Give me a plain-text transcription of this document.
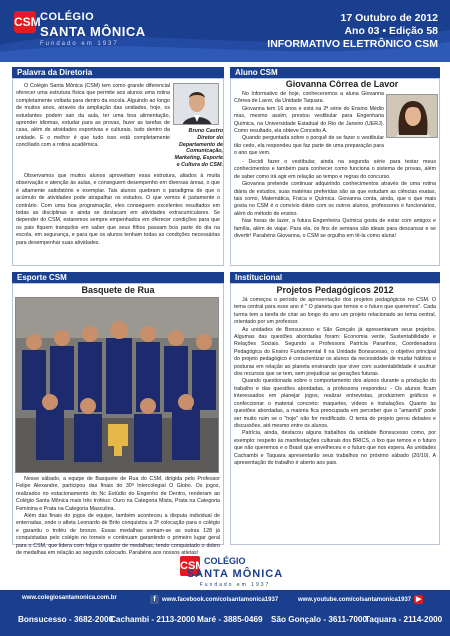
CSM COLÉGIO
SANTA MÔNICA
Fundado em 1937
17 Outubro de 2012
Ano 03 • Edição 58
INFORMATIVO ELETRÔNICO CSM
Palavra da Diretoria

O Colégio Santa Mônica (CSM) tem como grande diferencial oferecer uma estrutura física que permite aos alunos uma rotina completamente voltada para dentro da escola. Alguindo ao longo de muitos anos, através da ampliação das unidades, hoje, os estudantes podem sair da aula, ter uma boa alimentação, aprender idiomas, estudar para as provas, fazer as tarefas de casa, além de atividades esportivas e culturais, tudo dentro da unidade. E o melhor é que tudo isso está completamente conciliado com a rotina acadêmica.

Observamos que muitos alunos aproveitam essa estrutura, aliados à muita observação e atenção às aulas, e conseguem desempenho em diversas áreas, o que é altamente satisfatório e exemplar. Tais alunos quebram o paradigma de que o acúmulo de atividades pode atrapalhar os estudos. O que vemos é justamente o contrário. Com uma boa programação, eles conseguem excelentes resultados em todas as disciplinas e ainda se destacam em atividades extracurriculares. Se depender do CSM, estaremos sempre empenhados em oferecer condições para que os pais fiquem tranquilos em saber que seus filhos passam boa parte do dia na escola, em segurança, e para que os alunos tenham todas as condições necessárias para desempenhar suas atividades.

Bruno Castro Diretor do Departamento de Comunicação, Marketing, Esporte e Cultura do CSM.
Aluno CSM
Giovanna Côrrea de Lavor

No Informativo de hoje, conheceremos a aluna Giovanna Côrrea de Lavor, da Unidade Taquara.

Giovanna tem 16 anos e está na 2ª série do Ensino Médio mas, mesmo assim, prestou vestibular para Engenharia Química, na Universidade Estadual do Rio de Janeiro (UERJ). Como resultado, ela obteve Conceito A.

Quando perguntada sobre o porquê de se fazer o vestibular tão cedo, ela respondeu que faz parte de uma preparação para o ano que vem.

- Decidi fazer o vestibular, ainda na segunda série para testar meus conhecimentos e também para conhecer como funciona o sistema de provas, além de saber como irá agir em relação ao tempo e regras do concurso.

Giovanna pretende continuar adquirindo conhecimentos através de uma rotina diária de estudos, suas matérias preferidas são as que estudam as ciências exatas, tais como, Matemática, Física e Química. Giovanna conta, ainda, que o que mais gosta no CSM é o convívio diário com os outros alunos, professores e funcionários, além do método de ensino.

Nas horas de lazer, a futura Engenheira Química gosta de estar com amigos e família, além de viajar. Para ela, os fins de semana são ideais para descansar e se divertir! Parabéns Giovanna, o CSM se orgulha em tê-la como aluna!

Esporte CSM
Basquete de Rua

Nesse sábado, a equipe de Basquete de Rua do CSM, dirigida pelo Professor Felipe Alexandre, participou das finais do 30º Intercolegial O Globo. Os jogos, realizados no estacionamento do Nc Estúdio do Engenho de Dentro, renderam ao Colégio Santa Mônica mais três troféus: Ouro na Categoria Mista, Prata na Categoria Feminina e Prata na Categoria Masculina.

Além das finais do jogos de equipe, também aconteceu a disputa individual de enterradas, onde o atleta Leonardo de Brito conquistou a 3º colocação para o colégio e garantiu o troféu de bronze. Essas medalhas somam-se as outras 128 já conquistadas pelo colégio no torneio e continuam garantindo o primeiro lugar geral para o CSM, que lidera com folga o quadro de medalhas, tendo conquistado o dobro de medalhas em relação ao segundo colocado. Parabéns aos nossos atletas!

Institucional
Projetos Pedagógicos 2012

Já começou o período de apresentação dos projetos pedagógicos no CSM. O tema central para esse ano é " O planeta que temos e o futuro que queremos". Cada turma tem a tarefa de criar ao longo do ano um projeto relacionado ao tema central, orientado por um professor.

As unidades de Bonsucesso e São Gonçalo já apresentaram seus projetos. Algumas das questões abordadas foram: Economia verde, Sustentabilidade e Relações Sociais. Segundo a Professora Patrícia Paranhos, Coordenadora Pedagógica do Ensino Fundamental II na Unidade Bonsucesso, o objetivo principal do projeto pedagógico é conscientizar os alunos da necessidade de mudar hábitos e posturas em relação ao planeta ensinando que viver com sustentabilidade é usufruir dos recursos que se tem, sem prejudicar as gerações futuras.

Quando questionada sobre o comportamento dos alunos durante a produção do trabalho e das questões abordadas, a professora respondeu: - Os alunos ficam interessados em planejar jogos, realizar entrevistas, produzirem gráficos e confeccionar o material concreto: maquetes, vídeos e instalações. Quanto às questões abordadas, a maioria fica preocupada em perceber que o "amanhã" pode ser muito ruim se o "hoje" não for modificado. O tema do projeto gerou debates e discussões, até mesmo entre os alunos.

Patrícia, ainda, destacou alguns trabalhos da unidade Bonsucesso como, por exemplo: respeito às manifestações culturais dos BRICS, o lixo que temos e o futuro que não queremos e o Brasil que envelheceu e o futuro que nos espera. As unidades Cachambi e Taquara apresentarão seus trabalhos no próximo sábado (20/10). A apresentação do trabalho é aberto aos pais.

CSM COLÉGIO
SANTA MÔNICA
Fundado em 1937
www.colegiosantamonica.com.br	f	www.facebook.com/colsantamonica1937	www.youtube.com/colsantamonica1937 ▶
Bonsucesso - 3682-2000
Cachambi - 2113-2000 Maré - 3885-0469 São Gonçalo - 3611-7000
Taquara - 2114-2000
